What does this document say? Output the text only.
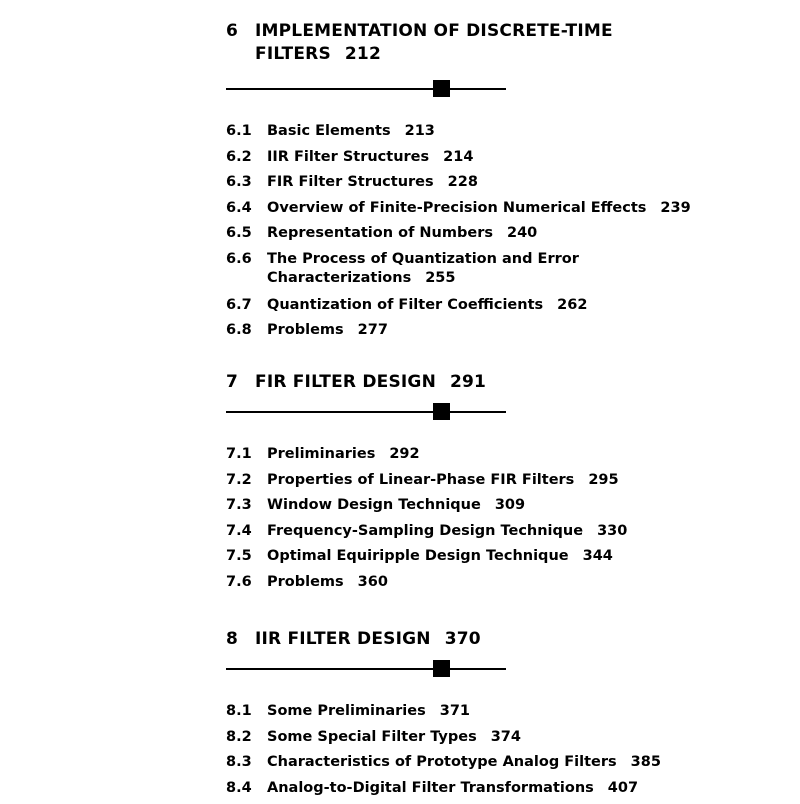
6 IMPLEMENTATION OF DISCRETE-TIME
FILTERS 212
6.1	Basic Elements 213
6.2	IIR Filter Structures 214
6.3	FIR Filter Structures 228
6.4	Overview of Finite-Precision Numerical Effects 239
6.5	Representation of Numbers 240
6.6	The Process of Quantization and Error
Characterizations 255
6.7	Quantization of Filter Coefficients 262
6.8	Problems 277
7 FIR FILTER DESIGN 291
7.1	Preliminaries 292
7.2	Properties of Linear-Phase FIR Filters 295
7.3	Window Design Technique 309
7.4	Frequency-Sampling Design Technique 330
7.5	Optimal Equiripple Design Technique 344
7.6	Problems 360
8 IIR FILTER DESIGN 370
8.1	Some Preliminaries 371
8.2	Some Special Filter Types 374
8.3	Characteristics of Prototype Analog Filters 385
8.4	Analog-to-Digital Filter Transformations 407
